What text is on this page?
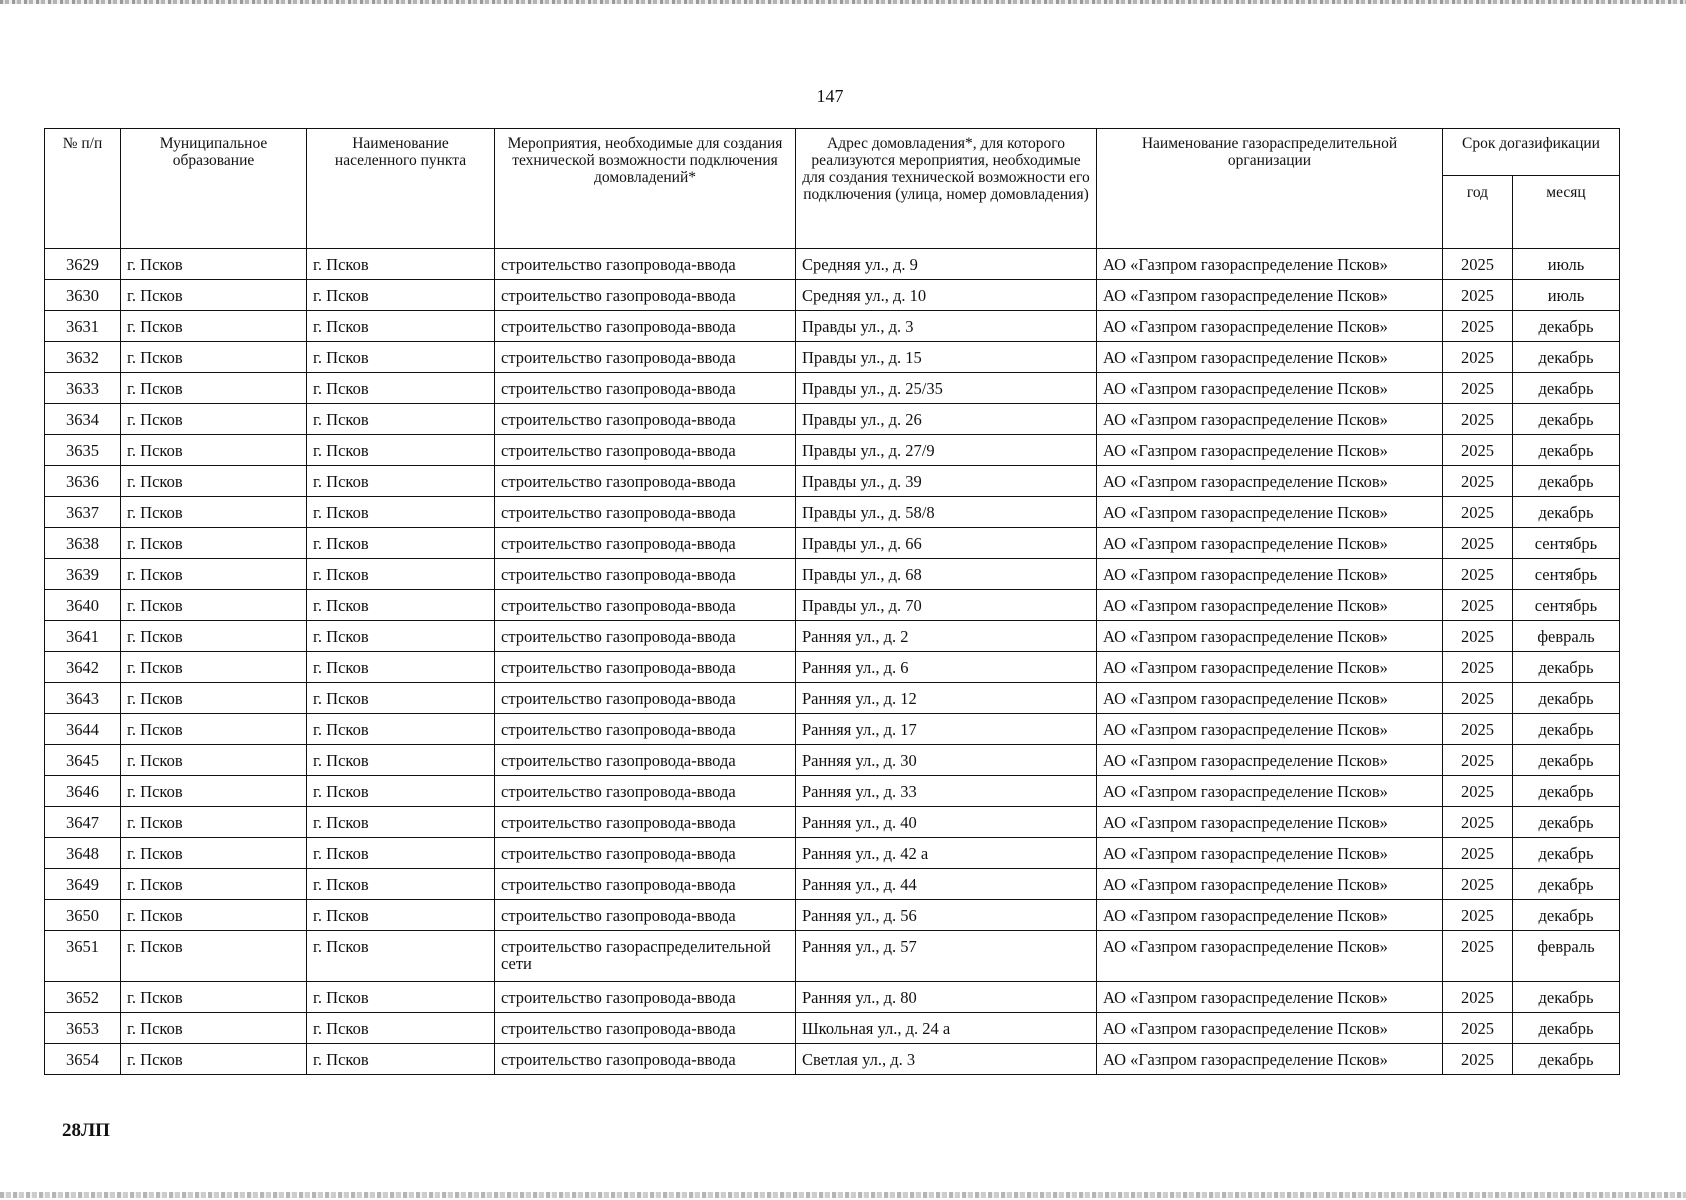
147
№ п/п	Муниципальное образование	Наименование населенного пункта	Мероприятия, необходимые для создания технической возможности подключения домовладений*	Адрес домовладения*, для которого реализуются мероприятия, необходимые для создания технической возможности его подключения (улица, номер домовладения)	Наименование газораспределительной организации	Срок догазификации	
						год	месяц
3629	г. Псков	г. Псков	строительство газопровода-ввода	Средняя ул., д. 9	АО «Газпром газораспределение Псков»	2025	июль
3630	г. Псков	г. Псков	строительство газопровода-ввода	Средняя ул., д. 10	АО «Газпром газораспределение Псков»	2025	июль
3631	г. Псков	г. Псков	строительство газопровода-ввода	Правды ул., д. 3	АО «Газпром газораспределение Псков»	2025	декабрь
3632	г. Псков	г. Псков	строительство газопровода-ввода	Правды ул., д. 15	АО «Газпром газораспределение Псков»	2025	декабрь
3633	г. Псков	г. Псков	строительство газопровода-ввода	Правды ул., д. 25/35	АО «Газпром газораспределение Псков»	2025	декабрь
3634	г. Псков	г. Псков	строительство газопровода-ввода	Правды ул., д. 26	АО «Газпром газораспределение Псков»	2025	декабрь
3635	г. Псков	г. Псков	строительство газопровода-ввода	Правды ул., д. 27/9	АО «Газпром газораспределение Псков»	2025	декабрь
3636	г. Псков	г. Псков	строительство газопровода-ввода	Правды ул., д. 39	АО «Газпром газораспределение Псков»	2025	декабрь
3637	г. Псков	г. Псков	строительство газопровода-ввода	Правды ул., д. 58/8	АО «Газпром газораспределение Псков»	2025	декабрь
3638	г. Псков	г. Псков	строительство газопровода-ввода	Правды ул., д. 66	АО «Газпром газораспределение Псков»	2025	сентябрь
3639	г. Псков	г. Псков	строительство газопровода-ввода	Правды ул., д. 68	АО «Газпром газораспределение Псков»	2025	сентябрь
3640	г. Псков	г. Псков	строительство газопровода-ввода	Правды ул., д. 70	АО «Газпром газораспределение Псков»	2025	сентябрь
3641	г. Псков	г. Псков	строительство газопровода-ввода	Ранняя ул., д. 2	АО «Газпром газораспределение Псков»	2025	февраль
3642	г. Псков	г. Псков	строительство газопровода-ввода	Ранняя ул., д. 6	АО «Газпром газораспределение Псков»	2025	декабрь
3643	г. Псков	г. Псков	строительство газопровода-ввода	Ранняя ул., д. 12	АО «Газпром газораспределение Псков»	2025	декабрь
3644	г. Псков	г. Псков	строительство газопровода-ввода	Ранняя ул., д. 17	АО «Газпром газораспределение Псков»	2025	декабрь
3645	г. Псков	г. Псков	строительство газопровода-ввода	Ранняя ул., д. 30	АО «Газпром газораспределение Псков»	2025	декабрь
3646	г. Псков	г. Псков	строительство газопровода-ввода	Ранняя ул., д. 33	АО «Газпром газораспределение Псков»	2025	декабрь
3647	г. Псков	г. Псков	строительство газопровода-ввода	Ранняя ул., д. 40	АО «Газпром газораспределение Псков»	2025	декабрь
3648	г. Псков	г. Псков	строительство газопровода-ввода	Ранняя ул., д. 42 а	АО «Газпром газораспределение Псков»	2025	декабрь
3649	г. Псков	г. Псков	строительство газопровода-ввода	Ранняя ул., д. 44	АО «Газпром газораспределение Псков»	2025	декабрь
3650	г. Псков	г. Псков	строительство газопровода-ввода	Ранняя ул., д. 56	АО «Газпром газораспределение Псков»	2025	декабрь
3651	г. Псков	г. Псков	строительство газораспределительной сети	Ранняя ул., д. 57	АО «Газпром газораспределение Псков»	2025	февраль
3652	г. Псков	г. Псков	строительство газопровода-ввода	Ранняя ул., д. 80	АО «Газпром газораспределение Псков»	2025	декабрь
3653	г. Псков	г. Псков	строительство газопровода-ввода	Школьная ул., д. 24 а	АО «Газпром газораспределение Псков»	2025	декабрь
3654	г. Псков	г. Псков	строительство газопровода-ввода	Светлая ул., д. 3	АО «Газпром газораспределение Псков»	2025	декабрь
28ЛП
